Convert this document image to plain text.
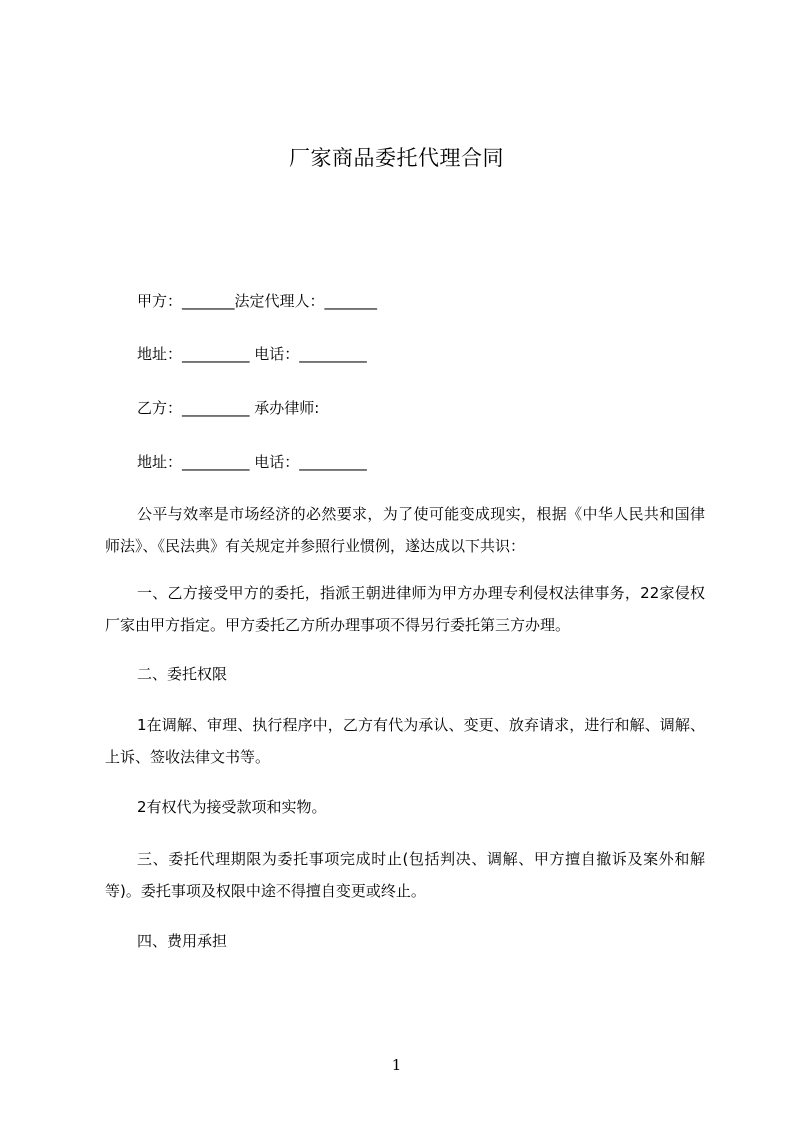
厂家商品委托代理合同
甲方：_______法定代理人：_______
地址：_________ 电话：_________
乙方：_________ 承办律师:
地址：_________ 电话：_________
公平与效率是市场经济的必然要求，为了使可能变成现实，根据《中华人民共和国律师法》、《民法典》有关规定并参照行业惯例，遂达成以下共识：
一、乙方接受甲方的委托，指派王朝进律师为甲方办理专利侵权法律事务，22家侵权厂家由甲方指定。甲方委托乙方所办理事项不得另行委托第三方办理。
二、委托权限
1在调解、审理、执行程序中，乙方有代为承认、变更、放弃请求，进行和解、调解、上诉、签收法律文书等。
2有权代为接受款项和实物。
三、委托代理期限为委托事项完成时止(包括判决、调解、甲方擅自撤诉及案外和解等)。委托事项及权限中途不得擅自变更或终止。
四、费用承担
1
